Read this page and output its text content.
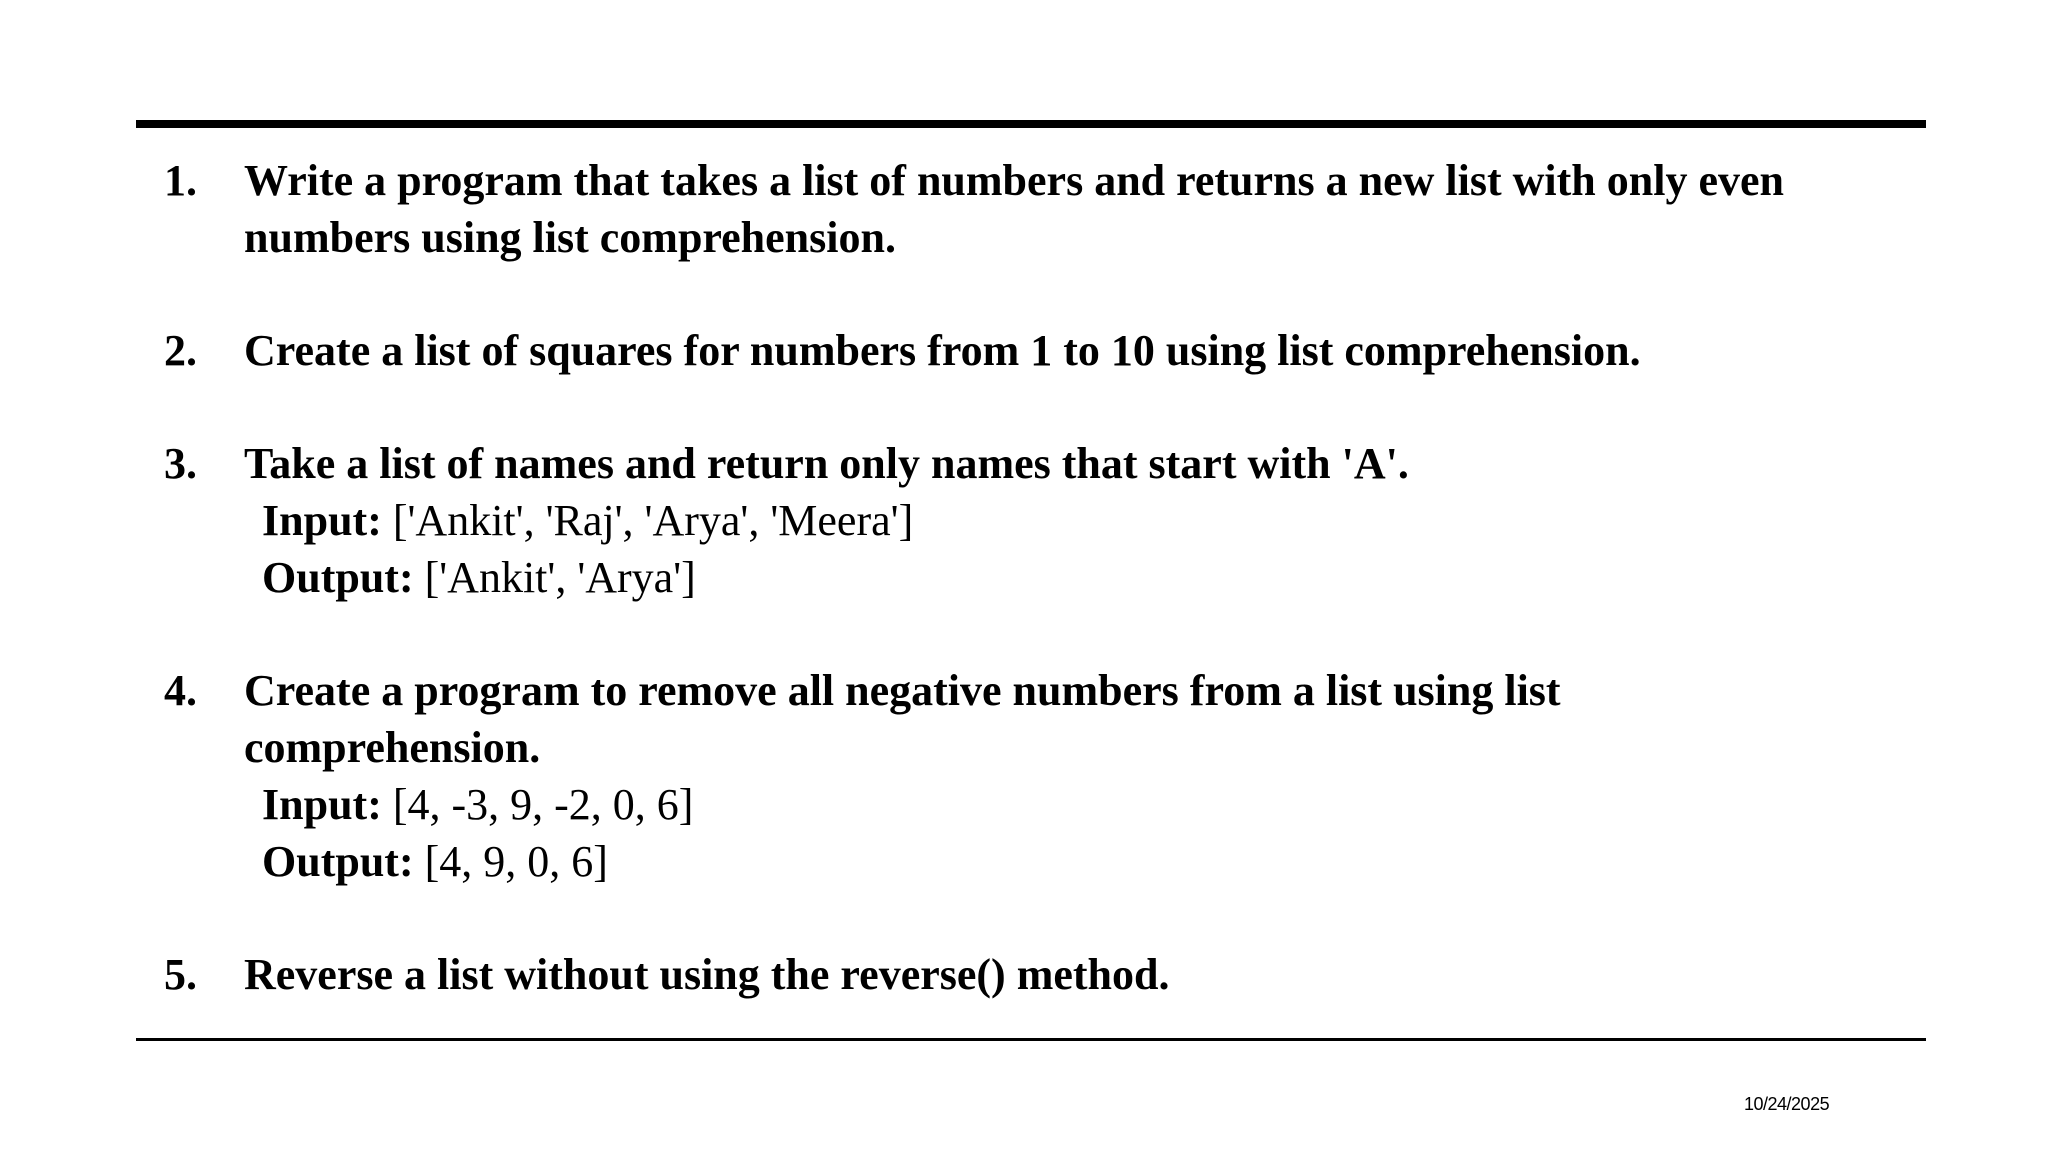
1.	Write a program that takes a list of numbers and returns a new list with only even numbers using list comprehension.
2.	Create a list of squares for numbers from 1 to 10 using list comprehension.
3.	Take a list of names and return only names that start with 'A'.
Input: ['Ankit', 'Raj', 'Arya', 'Meera']
Output: ['Ankit', 'Arya']
4.	Create a program to remove all negative numbers from a list using list comprehension.
Input: [4, -3, 9, -2, 0, 6]
Output: [4, 9, 0, 6]
5.	Reverse a list without using the reverse() method.
10/24/2025
